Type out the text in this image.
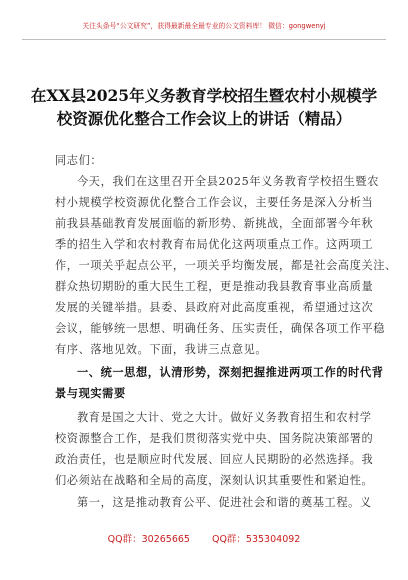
关注头条号“公文研究”，获得最新最全最专业的公文资料库！ 微信：gongwenyj
在XX县2025年义务教育学校招生暨农村小规模学
校资源优化整合工作会议上的讲话（精品）
同志们：
今天，我们在这里召开全县2025年义务教育学校招生暨农
村小规模学校资源优化整合工作会议，主要任务是深入分析当
前我县基础教育发展面临的新形势、新挑战，全面部署今年秋
季的招生入学和农村教育布局优化这两项重点工作。这两项工
作，一项关乎起点公平，一项关乎均衡发展，都是社会高度关注、
群众热切期盼的重大民生工程，更是推动我县教育事业高质量
发展的关键举措。县委、县政府对此高度重视，希望通过这次
会议，能够统一思想、明确任务、压实责任，确保各项工作平稳
有序、落地见效。下面，我讲三点意见。
一、统一思想，认清形势，深刻把握推进两项工作的时代背
景与现实需要
教育是国之大计、党之大计。做好义务教育招生和农村学
校资源整合工作，是我们贯彻落实党中央、国务院决策部署的
政治责任，也是顺应时代发展、回应人民期盼的必然选择。我
们必须站在战略和全局的高度，深刻认识其重要性和紧迫性。
第一，这是推动教育公平、促进社会和谐的奠基工程。义
QQ群：30265665 QQ群：535304092
